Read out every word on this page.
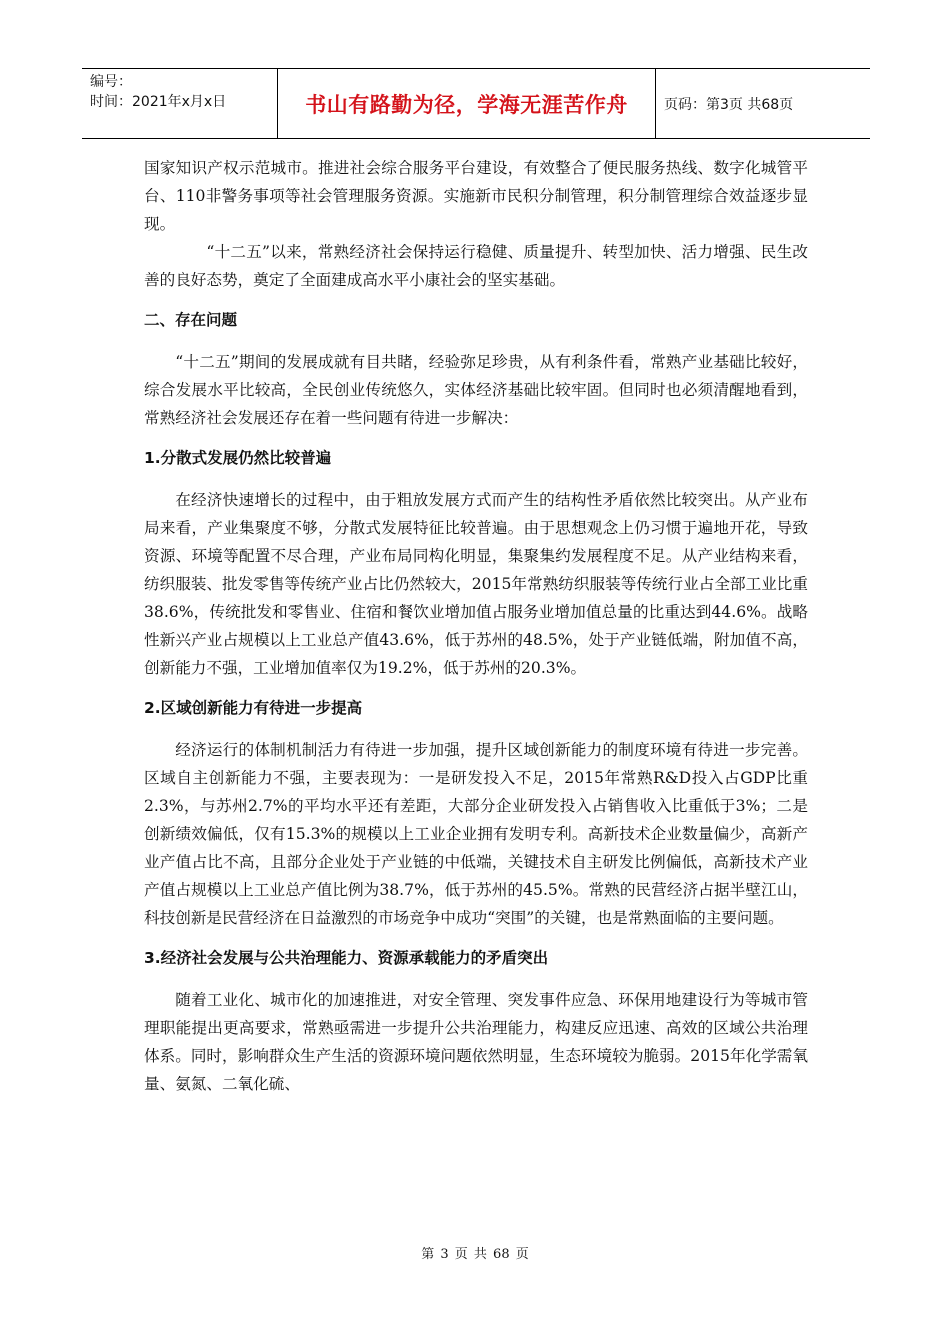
编号：
时间：2021年x月x日	书山有路勤为径，学海无涯苦作舟	页码：第3页 共68页

国家知识产权示范城市。推进社会综合服务平台建设，有效整合了便民服务热线、数字化城管平台、110非警务事项等社会管理服务资源。实施新市民积分制管理，积分制管理综合效益逐步显现。

“十二五”以来，常熟经济社会保持运行稳健、质量提升、转型加快、活力增强、民生改善的良好态势，奠定了全面建成高水平小康社会的坚实基础。

二、存在问题

“十二五”期间的发展成就有目共睹，经验弥足珍贵，从有利条件看，常熟产业基础比较好，综合发展水平比较高，全民创业传统悠久，实体经济基础比较牢固。但同时也必须清醒地看到，常熟经济社会发展还存在着一些问题有待进一步解决：

1.分散式发展仍然比较普遍

在经济快速增长的过程中，由于粗放发展方式而产生的结构性矛盾依然比较突出。从产业布局来看，产业集聚度不够，分散式发展特征比较普遍。由于思想观念上仍习惯于遍地开花，导致资源、环境等配置不尽合理，产业布局同构化明显，集聚集约发展程度不足。从产业结构来看，纺织服装、批发零售等传统产业占比仍然较大，2015年常熟纺织服装等传统行业占全部工业比重38.6%，传统批发和零售业、住宿和餐饮业增加值占服务业增加值总量的比重达到44.6%。战略性新兴产业占规模以上工业总产值43.6%，低于苏州的48.5%，处于产业链低端，附加值不高，创新能力不强，工业增加值率仅为19.2%，低于苏州的20.3%。

2.区域创新能力有待进一步提高

经济运行的体制机制活力有待进一步加强，提升区域创新能力的制度环境有待进一步完善。区域自主创新能力不强，主要表现为：一是研发投入不足，2015年常熟R&D投入占GDP比重2.3%，与苏州2.7%的平均水平还有差距，大部分企业研发投入占销售收入比重低于3%；二是创新绩效偏低，仅有15.3%的规模以上工业企业拥有发明专利。高新技术企业数量偏少，高新产业产值占比不高，且部分企业处于产业链的中低端，关键技术自主研发比例偏低，高新技术产业产值占规模以上工业总产值比例为38.7%，低于苏州的45.5%。常熟的民营经济占据半壁江山，科技创新是民营经济在日益激烈的市场竞争中成功“突围”的关键，也是常熟面临的主要问题。

3.经济社会发展与公共治理能力、资源承载能力的矛盾突出

随着工业化、城市化的加速推进，对安全管理、突发事件应急、环保用地建设行为等城市管理职能提出更高要求，常熟亟需进一步提升公共治理能力，构建反应迅速、高效的区域公共治理体系。同时，影响群众生产生活的资源环境问题依然明显，生态环境较为脆弱。2015年化学需氧量、氨氮、二氧化硫、

第 3 页 共 68 页
